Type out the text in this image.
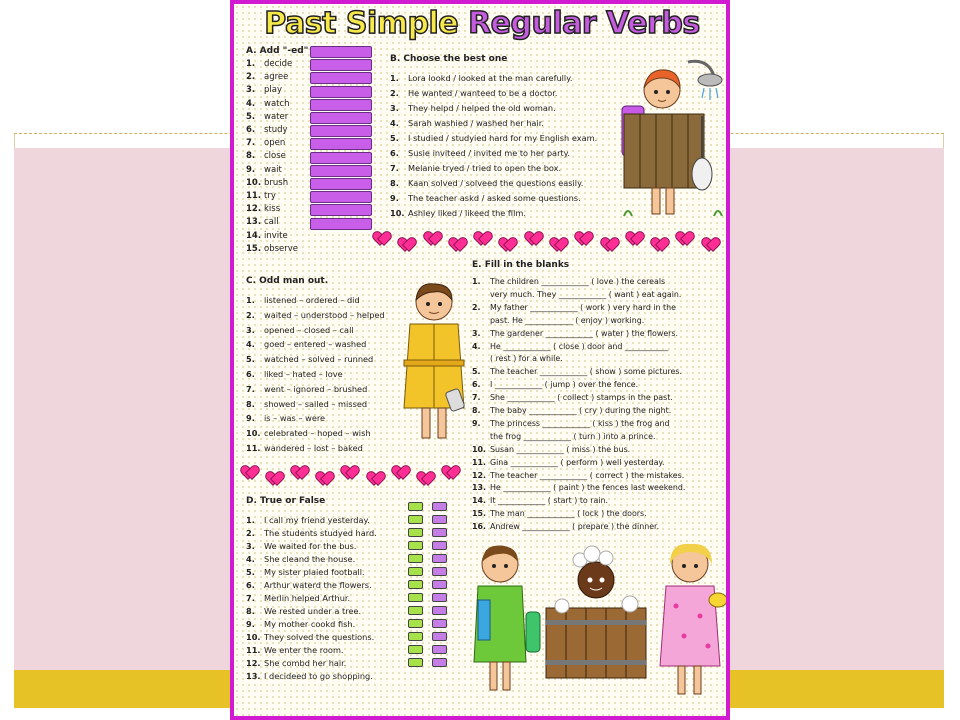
Past Simple Regular Verbs
A. Add "-ed"
1. decide
2. agree
3. play
4. watch
5. water
6. study
7. open
8. close
9. wait
10. brush
11. try
12. kiss
13. call
14. invite
15. observe
B. Choose the best one
1. Lora lookd / looked at the man carefully.
2. He wanted / wanteed to be a doctor.
3. They helpd / helped the old woman.
4. Sarah washied / washed her hair.
5. I studied / studyied hard for my English exam.
6. Susie inviteed / invited me to her party.
7. Melanie tryed / tried to open the box.
8. Kaan solved / solveed the questions easily.
9. The teacher askd / asked some questions.
10. Ashley liked / likeed the film.
C. Odd man out.
1. listened – ordered – did
2. waited – understood – helped
3. opened – closed – call
4. goed – entered – washed
5. watched – solved – runned
6. liked – hated – love
7. went – ignored – brushed
8. showed – sailed – missed
9. is – was – were
10. celebrated – hoped – wish
11. wandered – lost – baked
E. Fill in the blanks
1. The children ____________ ( love ) the cereals
very much. They ____________ ( want ) eat again.
2. My father ____________ ( work ) very hard in the
past. He ____________ ( enjoy ) working.
3. The gardener ____________ ( water ) the flowers.
4. He ____________ ( close ) door and ___________
( rest ) for a while.
5. The teacher ____________ ( show ) some pictures.
6. I ____________ ( jump ) over the fence.
7. She ____________ ( collect ) stamps in the past.
8. The baby ____________ ( cry ) during the night.
9. The princess ____________ ( kiss ) the frog and
the frog ____________ ( turn ) into a prince.
10. Susan ____________ ( miss ) the bus.
11. Gina ____________ ( perform ) well yesterday.
12. The teacher ____________ ( correct ) the mistakes.
13. He ____________ ( paint ) the fences last weekend.
14. It ____________ ( start ) to rain.
15. The man ____________ ( lock ) the doors.
16. Andrew ____________ ( prepare ) the dinner.
D. True or False
1. I call my friend yesterday.
2. The students studyed hard.
3. We waited for the bus.
4. She cleand the house.
5. My sister plaied football.
6. Arthur waterd the flowers.
7. Merlin helped Arthur.
8. We rested under a tree.
9. My mother cookd fish.
10. They solved the questions.
11. We enter the room.
12. She combd her hair.
13. I decideed to go shopping.
